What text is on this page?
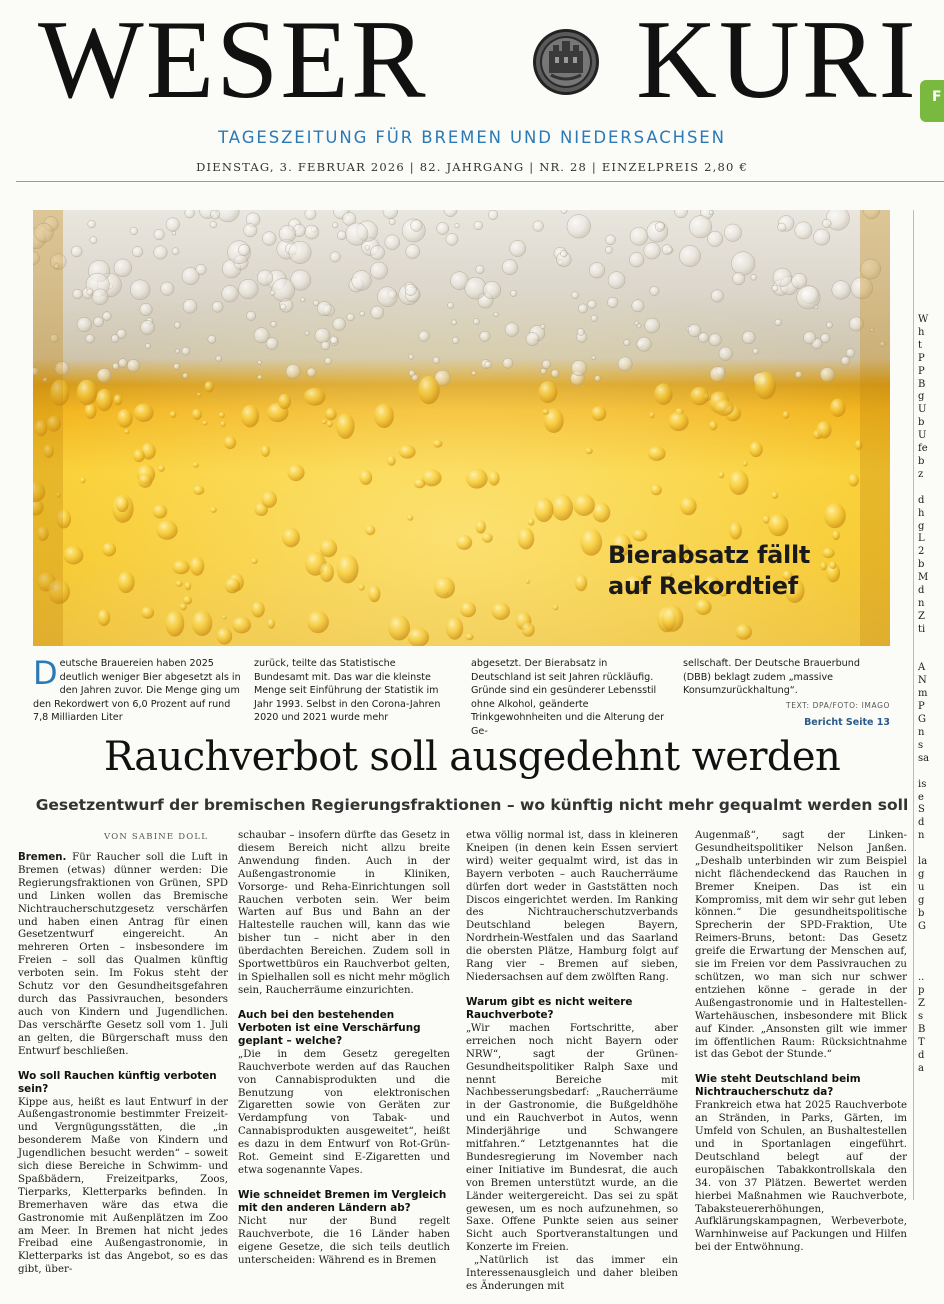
WESER KURI	F
TAGESZEITUNG FÜR BREMEN UND NIEDERSACHSEN
DIENSTAG, 3. FEBRUAR 2026 | 82. JAHRGANG | NR. 28 | EINZELPREIS 2,80 €
Bierabsatz fällt
auf Rekordtief
Deutsche Brauereien haben 2025 deutlich weniger Bier abgesetzt als in den Jahren zuvor. Die Menge ging um den Rekordwert von 6,0 Prozent auf rund 7,8 Milliarden Liter
zurück, teilte das Statistische Bundesamt mit. Das war die kleinste Menge seit Einführung der Statistik im Jahr 1993. Selbst in den Corona-Jahren 2020 und 2021 wurde mehr
abgesetzt. Der Bierabsatz in Deutschland ist seit Jahren rückläufig. Gründe sind ein gesünderer Lebensstil ohne Alkohol, geänderte Trinkgewohnheiten und die Alterung der Ge-
sellschaft. Der Deutsche Brauerbund (DBB) beklagt zudem „massive Konsumzurückhaltung“.
TEXT: DPA/FOTO: IMAGO
Bericht Seite 13
Rauchverbot soll ausgedehnt werden
Gesetzentwurf der bremischen Regierungsfraktionen – wo künftig nicht mehr gequalmt werden soll
VON SABINE DOLL

Bremen. Für Raucher soll die Luft in Bremen (etwas) dünner werden: Die Regierungsfraktionen von Grünen, SPD und Linken wollen das Bremische Nichtraucherschutzgesetz verschärfen und haben einen Antrag für einen Gesetzentwurf eingereicht. An mehreren Orten – insbesondere im Freien – soll das Qualmen künftig verboten sein. Im Fokus steht der Schutz vor den Gesundheitsgefahren durch das Passivrauchen, besonders auch von Kindern und Jugendlichen. Das verschärfte Gesetz soll vom 1. Juli an gelten, die Bürgerschaft muss den Entwurf beschließen.

Wo soll Rauchen künftig verboten sein?

Kippe aus, heißt es laut Entwurf in der Außengastronomie bestimmter Freizeit- und Vergnügungsstätten, die „in besonderem Maße von Kindern und Jugendlichen besucht werden“ – soweit sich diese Bereiche in Schwimm- und Spaßbädern, Freizeitparks, Zoos, Tierparks, Kletterparks befinden. In Bremerhaven wäre das etwa die Gastronomie mit Außenplätzen im Zoo am Meer. In Bremen hat nicht jedes Freibad eine Außengastronomie, in Kletterparks ist das Angebot, so es das gibt, über-

schaubar – insofern dürfte das Gesetz in diesem Bereich nicht allzu breite Anwendung finden. Auch in der Außengastronomie in Kliniken, Vorsorge- und Reha-Einrichtungen soll Rauchen verboten sein. Wer beim Warten auf Bus und Bahn an der Haltestelle rauchen will, kann das wie bisher tun – nicht aber in den überdachten Bereichen. Zudem soll in Sportwettbüros ein Rauchverbot gelten, in Spielhallen soll es nicht mehr möglich sein, Raucherräume einzurichten.

Auch bei den bestehenden Verboten ist eine Verschärfung geplant – welche?

„Die in dem Gesetz geregelten Rauchverbote werden auf das Rauchen von Cannabisprodukten und die Benutzung von elektronischen Zigaretten sowie von Geräten zur Verdampfung von Tabak- und Cannabisprodukten ausgeweitet“, heißt es dazu in dem Entwurf von Rot-Grün-Rot. Gemeint sind E-Zigaretten und etwa sogenannte Vapes.

Wie schneidet Bremen im Vergleich mit den anderen Ländern ab?

Nicht nur der Bund regelt Rauchverbote, die 16 Länder haben eigene Gesetze, die sich teils deutlich unterscheiden: Während es in Bremen

etwa völlig normal ist, dass in kleineren Kneipen (in denen kein Essen serviert wird) weiter gequalmt wird, ist das in Bayern verboten – auch Raucherräume dürfen dort weder in Gaststätten noch Discos eingerichtet werden. Im Ranking des Nichtraucherschutzverbands Deutschland belegen Bayern, Nordrhein-Westfalen und das Saarland die obersten Plätze, Hamburg folgt auf Rang vier – Bremen auf sieben, Niedersachsen auf dem zwölften Rang.

Warum gibt es nicht weitere Rauchverbote?

„Wir machen Fortschritte, aber erreichen noch nicht Bayern oder NRW“, sagt der Grünen-Gesundheitspolitiker Ralph Saxe und nennt Bereiche mit Nachbesserungsbedarf: „Raucherräume in der Gastronomie, die Bußgeldhöhe und ein Rauchverbot in Autos, wenn Minderjährige und Schwangere mitfahren.“ Letztgenanntes hat die Bundesregierung im November nach einer Initiative im Bundesrat, die auch von Bremen unterstützt wurde, an die Länder weitergereicht. Das sei zu spät gewesen, um es noch aufzunehmen, so Saxe. Offene Punkte seien aus seiner Sicht auch Sportveranstaltungen und Konzerte im Freien.

„Natürlich ist das immer ein Interessenausgleich und daher bleiben es Änderungen mit

Augenmaß“, sagt der Linken-Gesundheitspolitiker Nelson Janßen. „Deshalb unterbinden wir zum Beispiel nicht flächendeckend das Rauchen in Bremer Kneipen. Das ist ein Kompromiss, mit dem wir sehr gut leben können.“ Die gesundheitspolitische Sprecherin der SPD-Fraktion, Ute Reimers-Bruns, betont: Das Gesetz greife die Erwartung der Menschen auf, sie im Freien vor dem Passivrauchen zu schützen, wo man sich nur schwer entziehen könne – gerade in der Außengastronomie und in Haltestellen-Wartehäuschen, insbesondere mit Blick auf Kinder. „Ansonsten gilt wie immer im öffentlichen Raum: Rücksichtnahme ist das Gebot der Stunde.“

Wie steht Deutschland beim Nichtraucherschutz da?

Frankreich etwa hat 2025 Rauchverbote an Stränden, in Parks, Gärten, im Umfeld von Schulen, an Bushaltestellen und in Sportanlagen eingeführt. Deutschland belegt auf der europäischen Tabakkontrollskala den 34. von 37 Plätzen. Bewertet werden hierbei Maßnahmen wie Rauchverbote, Tabaksteuererhöhungen, Aufklärungskampagnen, Werbeverbote, Warnhinweise auf Packungen und Hilfen bei der Entwöhnung.

W
h
t
P
P
B
g
U
b
U
fe
b
z

d
h
g
L
2
b
M
d
n
Z
ti

A
N
m
P
G
n
s
sa

is
e
S
d
n

la
g
u
g
b
G

..
p
Z
s
B
T
d
a
